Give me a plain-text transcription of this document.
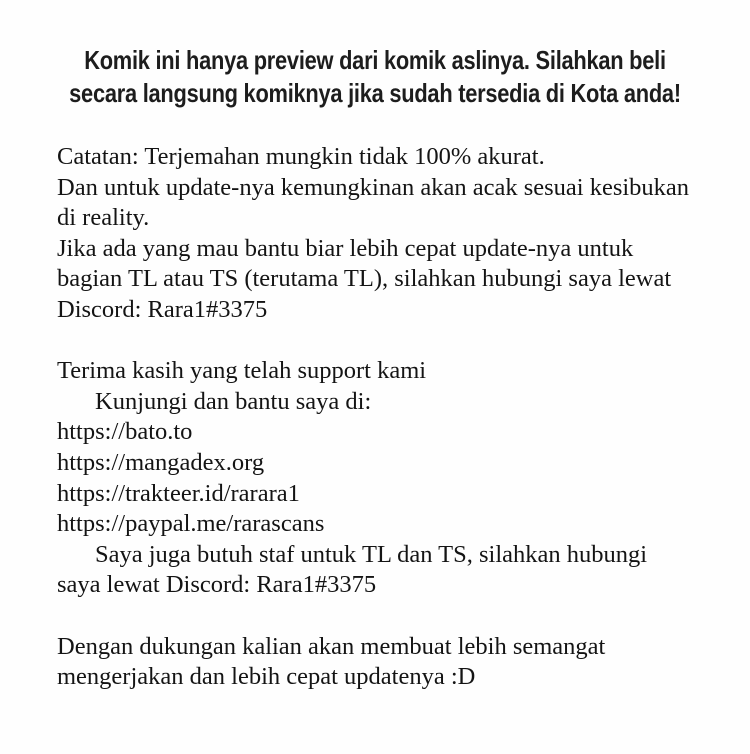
Komik ini hanya preview dari komik aslinya. Silahkan beli
secara langsung komiknya jika sudah tersedia di Kota anda!
Catatan: Terjemahan mungkin tidak 100% akurat.
Dan untuk update-nya kemungkinan akan acak sesuai kesibukan
di reality.
Jika ada yang mau bantu biar lebih cepat update-nya untuk
bagian TL atau TS (terutama TL), silahkan hubungi saya lewat
Discord: Rara1#3375
Terima kasih yang telah support kami
Kunjungi dan bantu saya di:
https://bato.to
https://mangadex.org
https://trakteer.id/rarara1
https://paypal.me/rarascans
Saya juga butuh staf untuk TL dan TS, silahkan hubungi
saya lewat Discord: Rara1#3375
Dengan dukungan kalian akan membuat lebih semangat
mengerjakan dan lebih cepat updatenya :D
